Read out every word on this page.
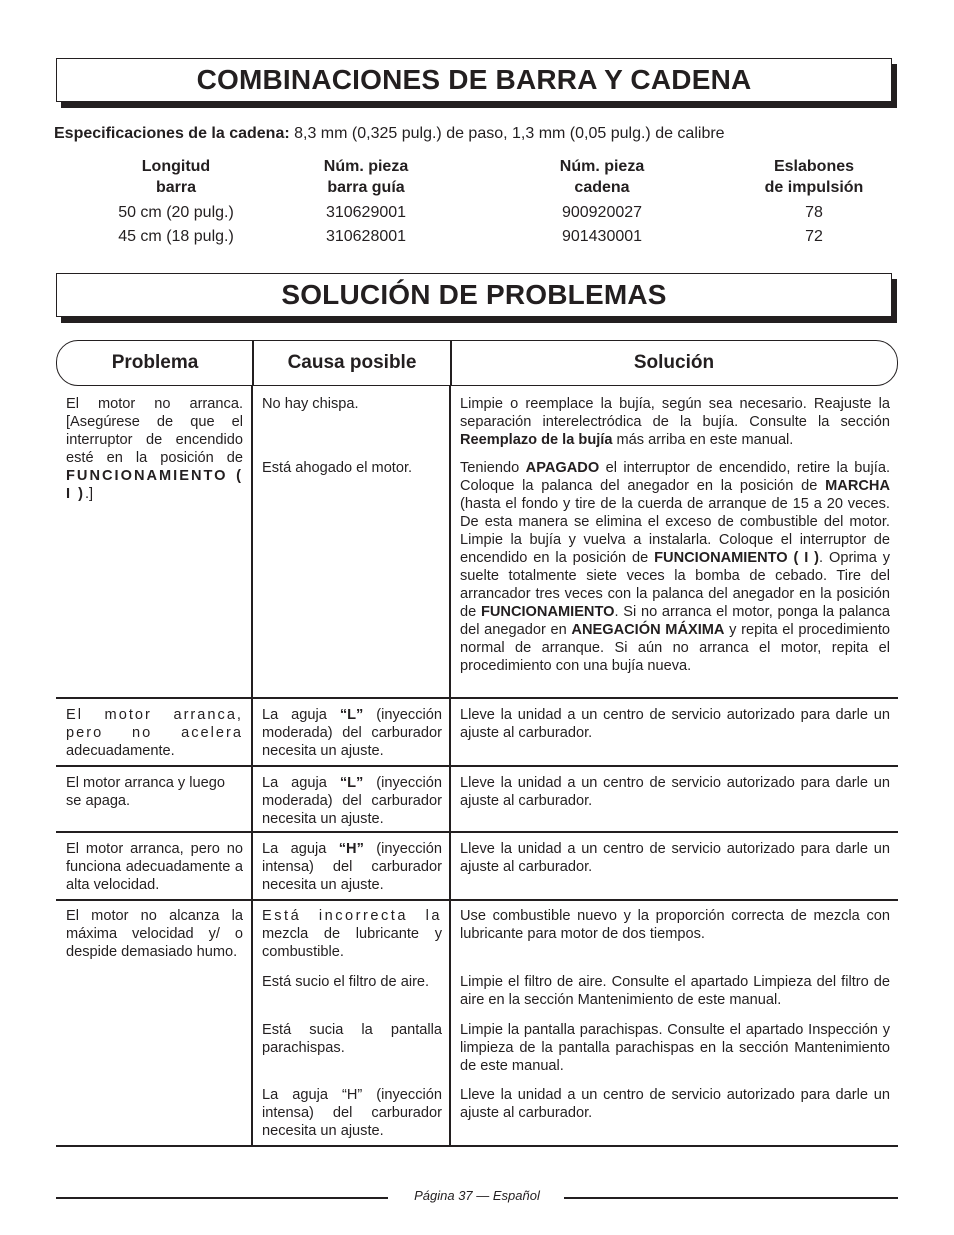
COMBINACIONES DE BARRA Y CADENA
Especificaciones de la cadena: 8,3 mm (0,325 pulg.) de paso, 1,3 mm (0,05 pulg.) de calibre
Longitud
barra
50 cm (20 pulg.)
45 cm (18 pulg.)
Núm. pieza
barra guía
310629001
310628001
Núm. pieza
cadena
900920027
901430001
Eslabones
de impulsión
78
72
SOLUCIÓN DE PROBLEMAS
Problema	Causa posible	Solución
El motor no arranca. [Asegúrese de que el interruptor de encendido esté en la posición de FUNCIONAMIENTO ( I ).]
No hay chispa.
Está ahogado el motor.
Limpie o reemplace la bujía, según sea necesario. Reajuste la separación interelectródica de la bujía. Consulte la sección Reemplazo de la bujía más arriba en este manual.
Teniendo APAGADO el interruptor de encendido, retire la bujía. Coloque la palanca del anegador en la posición de MARCHA (hasta el fondo y tire de la cuerda de arranque de 15 a 20 veces. De esta manera se elimina el exceso de combustible del motor. Limpie la bujía y vuelva a instalarla. Coloque el interruptor de encendido en la posición de FUNCIONAMIENTO ( I ). Oprima y suelte totalmente siete veces la bomba de cebado. Tire del arrancador tres veces con la palanca del anegador en la posición de FUNCIONAMIENTO. Si no arranca el motor, ponga la palanca del anegador en ANEGACIÓN MÁXIMA y repita el procedimiento normal de arranque. Si aún no arranca el motor, repita el procedimiento con una bujía nueva.
El motor arranca, pero no acelera adecuadamente.
La aguja “L” (inyección moderada) del carburador necesita un ajuste.
Lleve la unidad a un centro de servicio autorizado para darle un ajuste al carburador.
El motor arranca y luego se apaga.
La aguja “L” (inyección moderada) del carburador necesita un ajuste.
Lleve la unidad a un centro de servicio autorizado para darle un ajuste al carburador.
El motor arranca, pero no funciona adecuadamente a alta velocidad.
La aguja “H” (inyección intensa) del carburador necesita un ajuste.
Lleve la unidad a un centro de servicio autorizado para darle un ajuste al carburador.
El motor no alcanza la máxima velocidad y/ o despide demasiado humo.
Está incorrecta la mezcla de lubricante y combustible.
Está sucio el filtro de aire.
Está sucia la pantalla parachispas.
La aguja “H” (inyección intensa) del carburador necesita un ajuste.
Use combustible nuevo y la proporción correcta de mezcla con lubricante para motor de dos tiempos.
Limpie el filtro de aire. Consulte el apartado Limpieza del filtro de aire en la sección Mantenimiento de este manual.
Limpie la pantalla parachispas. Consulte el apartado Inspección y limpieza de la pantalla parachispas en la sección Mantenimiento de este manual.
Lleve la unidad a un centro de servicio autorizado para darle un ajuste al carburador.
Página 37 — Español
